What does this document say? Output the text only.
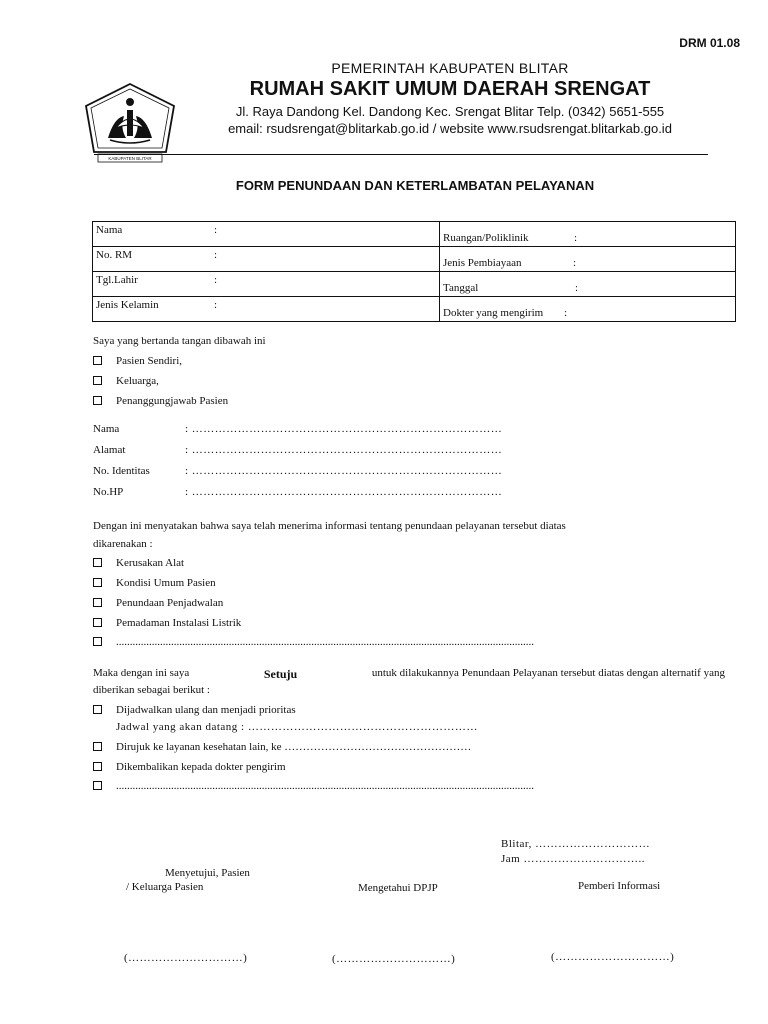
DRM 01.08
KABUPATEN BLITAR
PEMERINTAH KABUPATEN BLITAR
RUMAH SAKIT UMUM DAERAH SRENGAT
Jl. Raya Dandong Kel. Dandong Kec. Srengat Blitar Telp. (0342) 5651-555
email: rsudsrengat@blitarkab.go.id / website www.rsudsrengat.blitarkab.go.id
FORM PENUNDAAN DAN KETERLAMBATAN PELAYANAN
Nama :	Ruangan/Poliklinik :

No. RM :	Jenis Pembiayaan :

Tgl.Lahir :	Tanggal :

Jenis Kelamin :	Dokter yang mengirim :
Saya yang bertanda tangan dibawah ini
Pasien Sendiri,
Keluarga,
Penanggungjawab Pasien
Nama	: ………………………………………………………………………
Alamat	: ………………………………………………………………………
No. Identitas	: ………………………………………………………………………
No.HP	: ………………………………………………………………………
Dengan ini menyatakan bahwa saya telah menerima informasi tentang penundaan pelayanan tersebut diatas
dikarenakan :
Kerusakan Alat
Kondisi Umum Pasien
Penundaan Penjadwalan
Pemadaman Instalasi Listrik
........................................................................................................................................................
Maka dengan ini saya	Setuju	untuk dilakukannya Penundaan Pelayanan tersebut diatas dengan alternatif yang
diberikan sebagai berikut :
Dijadwalkan ulang dan menjadi prioritas
Jadwal yang akan datang : ……………………………………………………
Dirujuk ke layanan kesehatan lain, ke ……………………………………………
Dikembalikan kepada dokter pengirim
........................................................................................................................................................
Blitar, …………………………
Jam …………………………..
Menyetujui, Pasien
/ Keluarga Pasien	Mengetahui DPJP	Pemberi Informasi
(…………………………)	(…………………………)	(…………………………)
